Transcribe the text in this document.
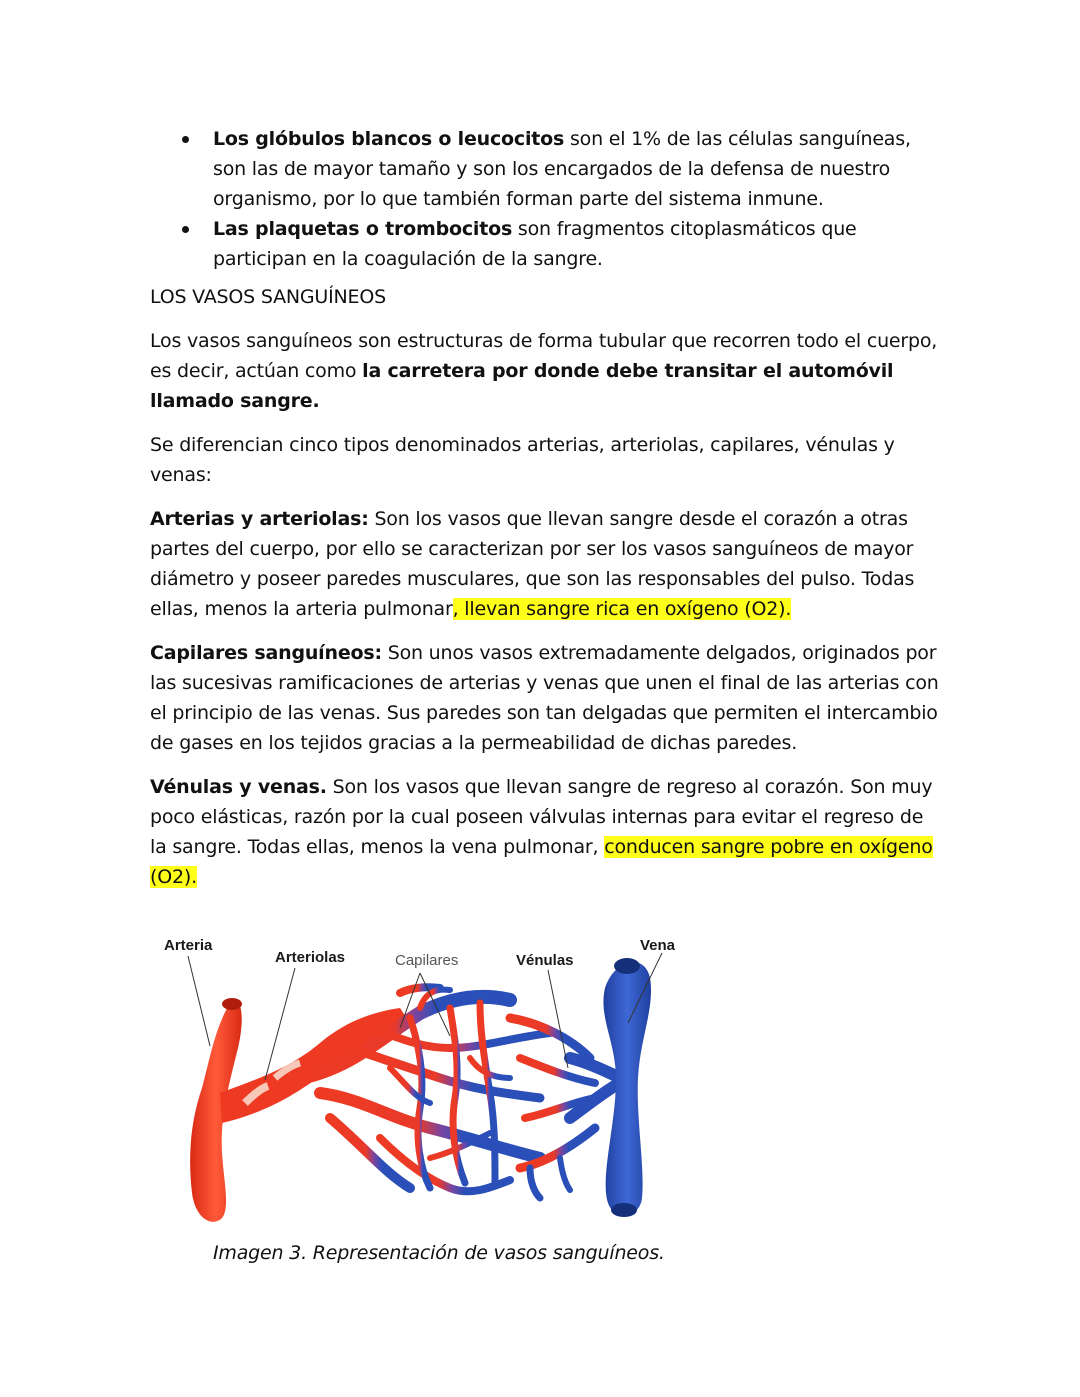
Los glóbulos blancos o leucocitos son el 1% de las células sanguíneas, son las de mayor tamaño y son los encargados de la defensa de nuestro organismo, por lo que también forman parte del sistema inmune.
Las plaquetas o trombocitos son fragmentos citoplasmáticos que participan en la coagulación de la sangre.
LOS VASOS SANGUÍNEOS

Los vasos sanguíneos son estructuras de forma tubular que recorren todo el cuerpo, es decir, actúan como la carretera por donde debe transitar el automóvil llamado sangre.

Se diferencian cinco tipos denominados arterias, arteriolas, capilares, vénulas y venas:

Arterias y arteriolas: Son los vasos que llevan sangre desde el corazón a otras partes del cuerpo, por ello se caracterizan por ser los vasos sanguíneos de mayor diámetro y poseer paredes musculares, que son las responsables del pulso. Todas ellas, menos la arteria pulmonar, llevan sangre rica en oxígeno (O2).

Capilares sanguíneos: Son unos vasos extremadamente delgados, originados por las sucesivas ramificaciones de arterias y venas que unen el final de las arterias con el principio de las venas. Sus paredes son tan delgadas que permiten el intercambio de gases en los tejidos gracias a la permeabilidad de dichas paredes.

Vénulas y venas. Son los vasos que llevan sangre de regreso al corazón. Son muy poco elásticas, razón por la cual poseen válvulas internas para evitar el regreso de la sangre. Todas ellas, menos la vena pulmonar, conducen sangre pobre en oxígeno (O2).

Arteria
Arteriolas	Capilares	Vénulas
Vena
Imagen 3. Representación de vasos sanguíneos.
